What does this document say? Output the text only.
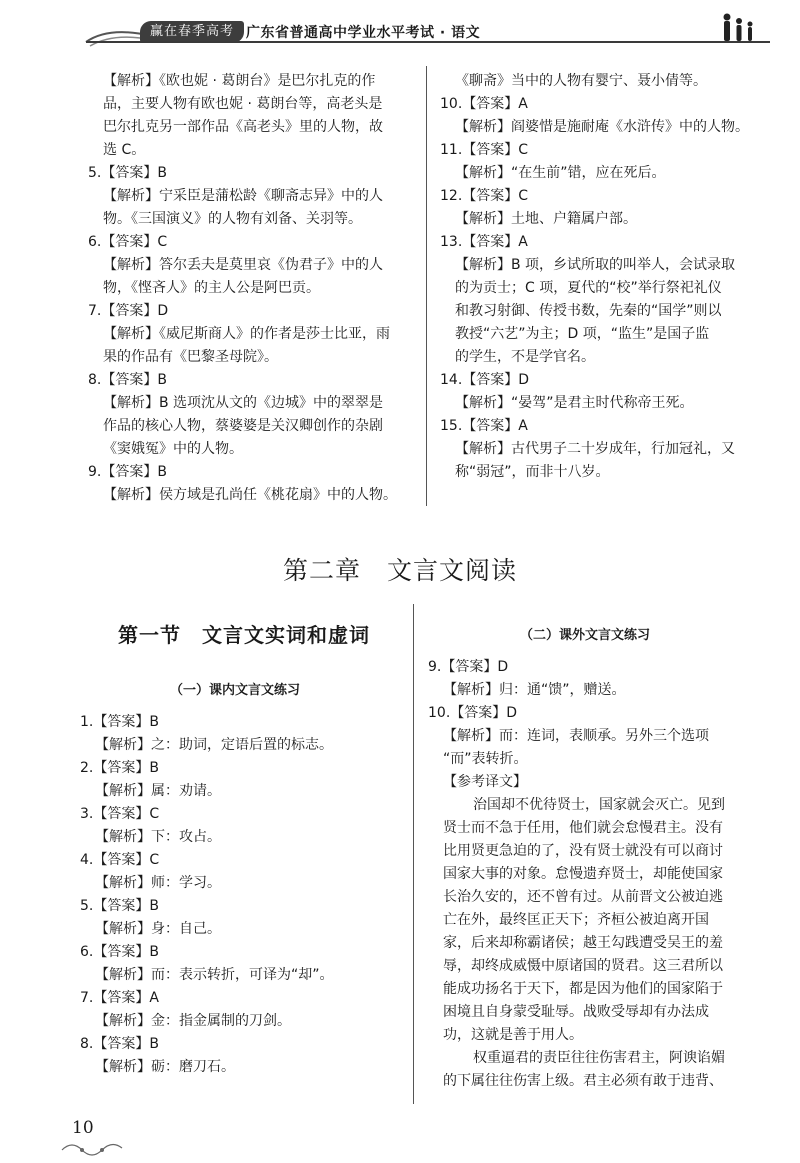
赢在春季高考 广东省普通高中学业水平考试 · 语文
【解析】《欧也妮 · 葛朗台》是巴尔扎克的作
品，主要人物有欧也妮 · 葛朗台等，高老头是
巴尔扎克另一部作品《高老头》里的人物，故
选 C。
5.【答案】B
【解析】宁采臣是蒲松龄《聊斋志异》中的人
物。《三国演义》的人物有刘备、关羽等。
6.【答案】C
【解析】答尔丢夫是莫里哀《伪君子》中的人
物，《悭吝人》的主人公是阿巴贡。
7.【答案】D
【解析】《威尼斯商人》的作者是莎士比亚，雨
果的作品有《巴黎圣母院》。
8.【答案】B
【解析】B 选项沈从文的《边城》中的翠翠是
作品的核心人物，蔡婆婆是关汉卿创作的杂剧
《窦娥冤》中的人物。
9.【答案】B
【解析】侯方域是孔尚任《桃花扇》中的人物。
《聊斋》当中的人物有婴宁、聂小倩等。
10.【答案】A
【解析】阎婆惜是施耐庵《水浒传》中的人物。
11.【答案】C
【解析】“在生前”错，应在死后。
12.【答案】C
【解析】土地、户籍属户部。
13.【答案】A
【解析】B 项，乡试所取的叫举人，会试录取
的为贡士；C 项，夏代的“校”举行祭祀礼仪
和教习射御、传授书数，先秦的“国学”则以
教授“六艺”为主；D 项，“监生”是国子监
的学生，不是学官名。
14.【答案】D
【解析】“晏驾”是君主时代称帝王死。
15.【答案】A
【解析】古代男子二十岁成年，行加冠礼，又
称“弱冠”，而非十八岁。
第二章　文言文阅读
第一节　文言文实词和虚词
（一）课内文言文练习
（二）课外文言文练习
1.【答案】B
【解析】之：助词，定语后置的标志。
2.【答案】B
【解析】属：劝请。
3.【答案】C
【解析】下：攻占。
4.【答案】C
【解析】师：学习。
5.【答案】B
【解析】身：自己。
6.【答案】B
【解析】而：表示转折，可译为“却”。
7.【答案】A
【解析】金：指金属制的刀剑。
8.【答案】B
【解析】砺：磨刀石。
9.【答案】D
【解析】归：通“馈”，赠送。
10.【答案】D
【解析】而：连词，表顺承。另外三个选项
“而”表转折。
【参考译文】
治国却不优待贤士，国家就会灭亡。见到
贤士而不急于任用，他们就会怠慢君主。没有
比用贤更急迫的了，没有贤士就没有可以商讨
国家大事的对象。怠慢遗弃贤士，却能使国家
长治久安的，还不曾有过。从前晋文公被迫逃
亡在外，最终匡正天下；齐桓公被迫离开国
家，后来却称霸诸侯；越王勾践遭受吴王的羞
辱，却终成威慑中原诸国的贤君。这三君所以
能成功扬名于天下，都是因为他们的国家陷于
困境且自身蒙受耻辱。战败受辱却有办法成
功，这就是善于用人。
权重逼君的责臣往往伤害君主，阿谀谄媚
的下属往往伤害上级。君主必须有敢于违背、
10
